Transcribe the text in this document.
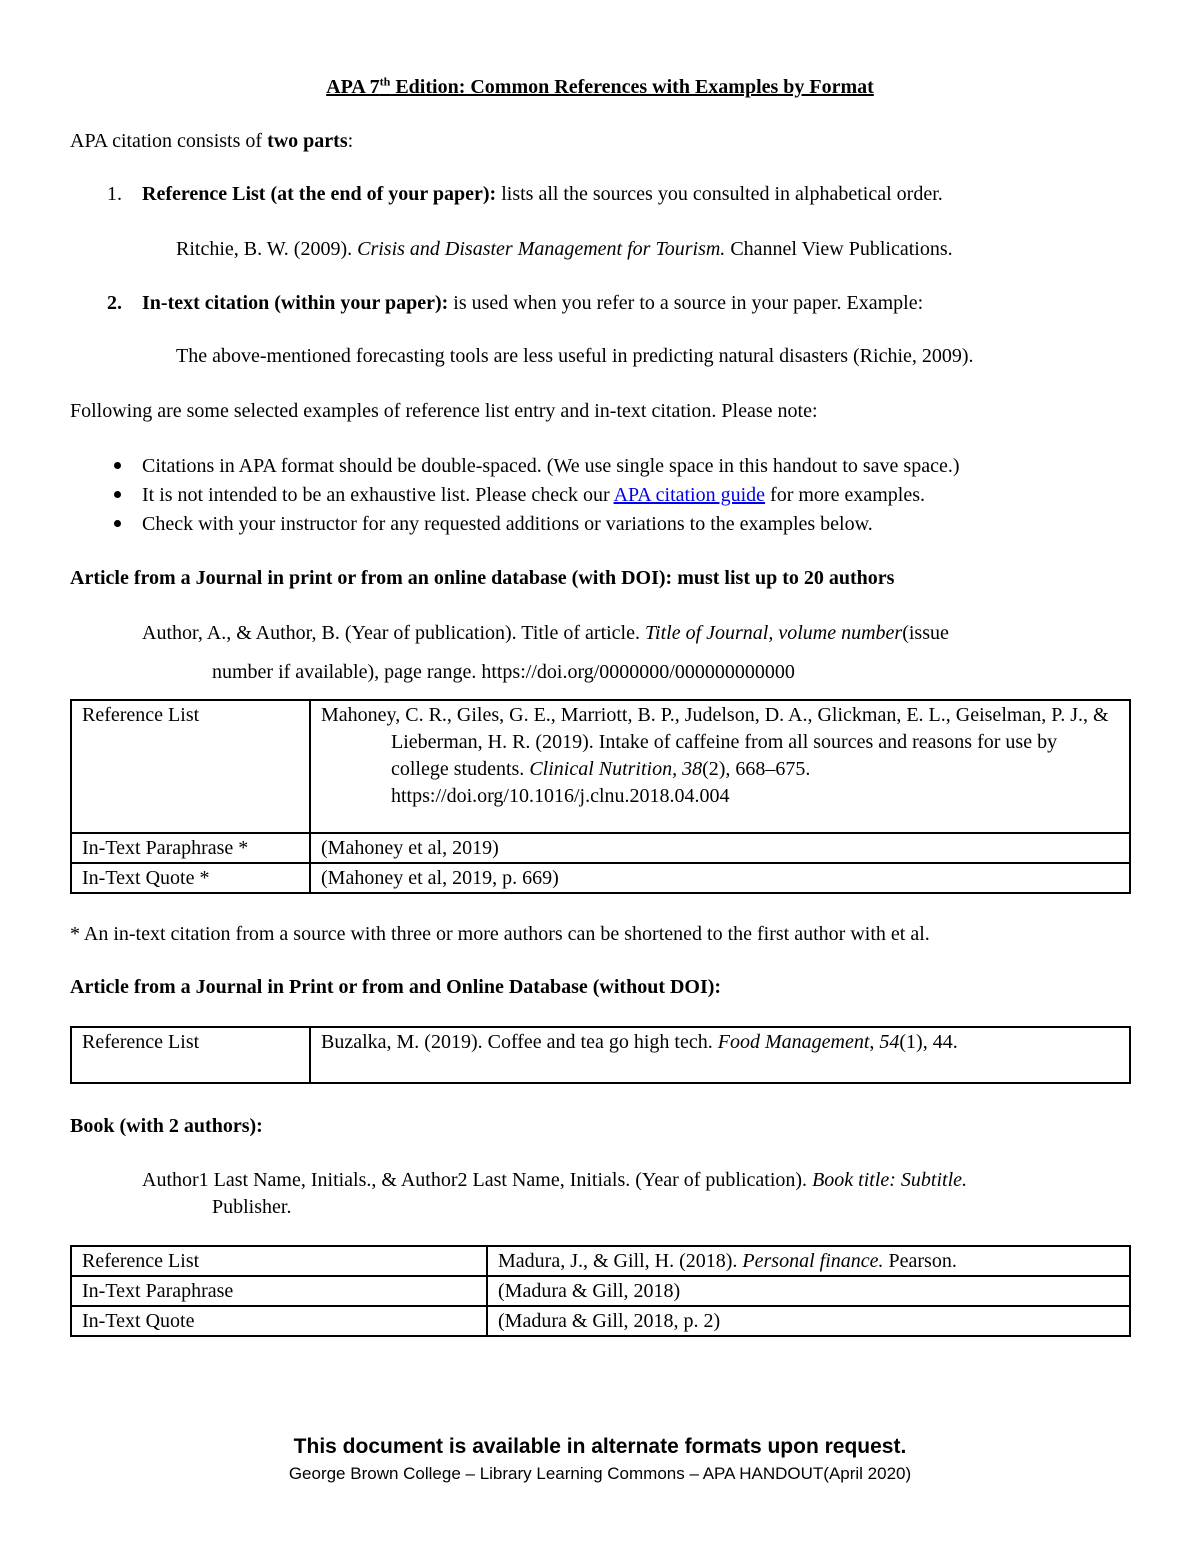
APA 7th Edition: Common References with Examples by Format
APA citation consists of two parts:
1. Reference List (at the end of your paper): lists all the sources you consulted in alphabetical order.
Ritchie, B. W. (2009). Crisis and Disaster Management for Tourism. Channel View Publications.
2. In-text citation (within your paper): is used when you refer to a source in your paper. Example:
The above-mentioned forecasting tools are less useful in predicting natural disasters (Richie, 2009).
Following are some selected examples of reference list entry and in-text citation. Please note:
Citations in APA format should be double-spaced. (We use single space in this handout to save space.)
It is not intended to be an exhaustive list. Please check our APA citation guide for more examples.
Check with your instructor for any requested additions or variations to the examples below.
Article from a Journal in print or from an online database (with DOI): must list up to 20 authors
Author, A., & Author, B. (Year of publication). Title of article. Title of Journal, volume number(issue
number if available), page range. https://doi.org/0000000/000000000000
Reference List	Mahoney, C. R., Giles, G. E., Marriott, B. P., Judelson, D. A., Glickman, E. L., Geiselman, P. J., & Lieberman, H. R. (2019). Intake of caffeine from all sources and reasons for use by college students. Clinical Nutrition, 38(2), 668–675. https://doi.org/10.1016/j.clnu.2018.04.004

In-Text Paraphrase *	(Mahoney et al, 2019)
In-Text Quote *	(Mahoney et al, 2019, p. 669)
* An in-text citation from a source with three or more authors can be shortened to the first author with et al.
Article from a Journal in Print or from and Online Database (without DOI):
Reference List	Buzalka, M. (2019). Coffee and tea go high tech. Food Management, 54(1), 44.
Book (with 2 authors):
Author1 Last Name, Initials., & Author2 Last Name, Initials. (Year of publication). Book title: Subtitle.
Publisher.
Reference List	Madura, J., & Gill, H. (2018). Personal finance. Pearson.
In-Text Paraphrase	(Madura & Gill, 2018)
In-Text Quote	(Madura & Gill, 2018, p. 2)
This document is available in alternate formats upon request.
George Brown College – Library Learning Commons – APA HANDOUT(April 2020)
